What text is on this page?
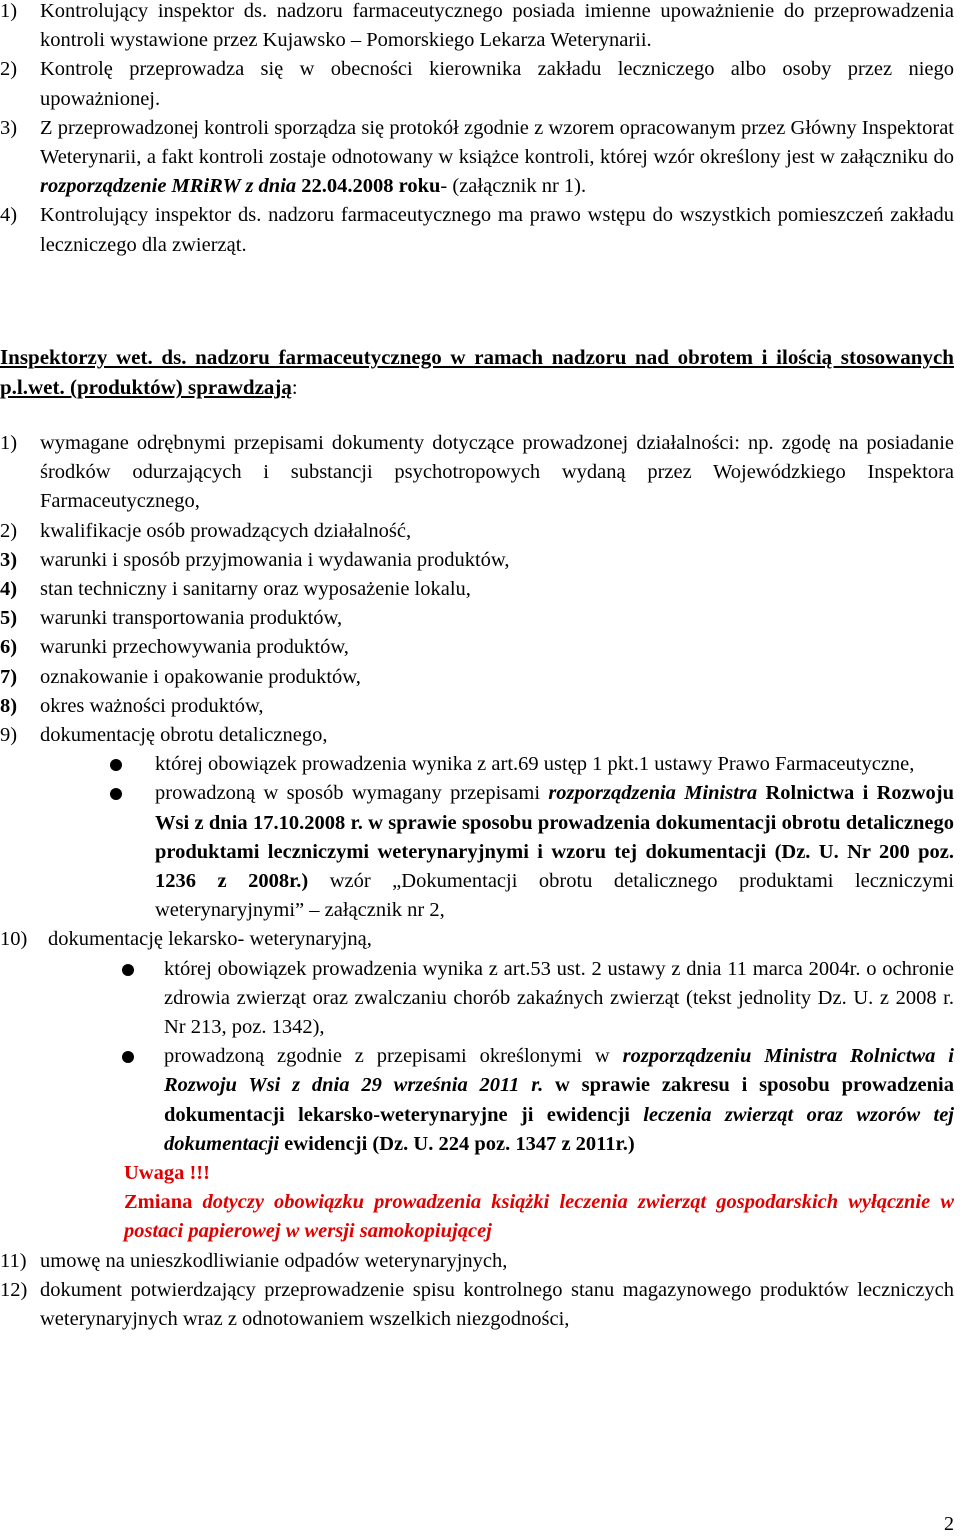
1)	Kontrolujący inspektor ds. nadzoru farmaceutycznego posiada imienne upoważnienie do przeprowadzenia kontroli wystawione przez Kujawsko – Pomorskiego Lekarza Weterynarii.
2)	Kontrolę przeprowadza się w obecności kierownika zakładu leczniczego albo osoby przez niego upoważnionej.
3)	Z przeprowadzonej kontroli sporządza się protokół zgodnie z wzorem opracowanym przez Główny Inspektorat Weterynarii, a fakt kontroli zostaje odnotowany w książce kontroli, której wzór określony jest w załączniku do rozporządzenie MRiRW z dnia 22.04.2008 roku- (załącznik nr 1).
4)	Kontrolujący inspektor ds. nadzoru farmaceutycznego ma prawo wstępu do wszystkich pomieszczeń zakładu leczniczego dla zwierząt.
Inspektorzy wet. ds. nadzoru farmaceutycznego w ramach nadzoru nad obrotem i ilością stosowanych p.l.wet. (produktów) sprawdzają:
1)	wymagane odrębnymi przepisami dokumenty dotyczące prowadzonej działalności: np. zgodę na posiadanie środków odurzających i substancji psychotropowych wydaną przez Wojewódzkiego Inspektora Farmaceutycznego,
2)	kwalifikacje osób prowadzących działalność,
3)	warunki i sposób przyjmowania i wydawania produktów,
4)	stan techniczny i sanitarny oraz wyposażenie lokalu,
5)	warunki transportowania produktów,
6)	warunki przechowywania produktów,
7)	oznakowanie i opakowanie produktów,
8)	okres ważności produktów,
9)	dokumentację obrotu detalicznego,
której obowiązek prowadzenia wynika z art.69 ustęp 1 pkt.1 ustawy Prawo Farmaceutyczne,
prowadzoną w sposób wymagany przepisami rozporządzenia Ministra Rolnictwa i Rozwoju Wsi z dnia 17.10.2008 r. w sprawie sposobu prowadzenia dokumentacji obrotu detalicznego produktami leczniczymi weterynaryjnymi i wzoru tej dokumentacji (Dz. U. Nr 200 poz. 1236 z 2008r.) wzór „Dokumentacji obrotu detalicznego produktami leczniczymi weterynaryjnymi” – załącznik nr 2,
10)	dokumentację lekarsko- weterynaryjną,
której obowiązek prowadzenia wynika z art.53 ust. 2 ustawy z dnia 11 marca 2004r. o ochronie zdrowia zwierząt oraz zwalczaniu chorób zakaźnych zwierząt (tekst jednolity Dz. U. z 2008 r. Nr 213, poz. 1342),
prowadzoną zgodnie z przepisami określonymi w rozporządzeniu Ministra Rolnictwa i Rozwoju Wsi z dnia 29 września 2011 r. w sprawie zakresu i sposobu prowadzenia dokumentacji lekarsko-weterynaryjne ji ewidencji leczenia zwierząt oraz wzorów tej dokumentacji ewidencji (Dz. U. 224 poz. 1347 z 2011r.)
Uwaga !!!
Zmiana dotyczy obowiązku prowadzenia książki leczenia zwierząt gospodarskich wyłącznie w postaci papierowej w wersji samokopiującej
11) umowę na unieszkodliwianie odpadów weterynaryjnych,
12) dokument potwierdzający przeprowadzenie spisu kontrolnego stanu magazynowego produktów leczniczych weterynaryjnych wraz z odnotowaniem wszelkich niezgodności,
2
